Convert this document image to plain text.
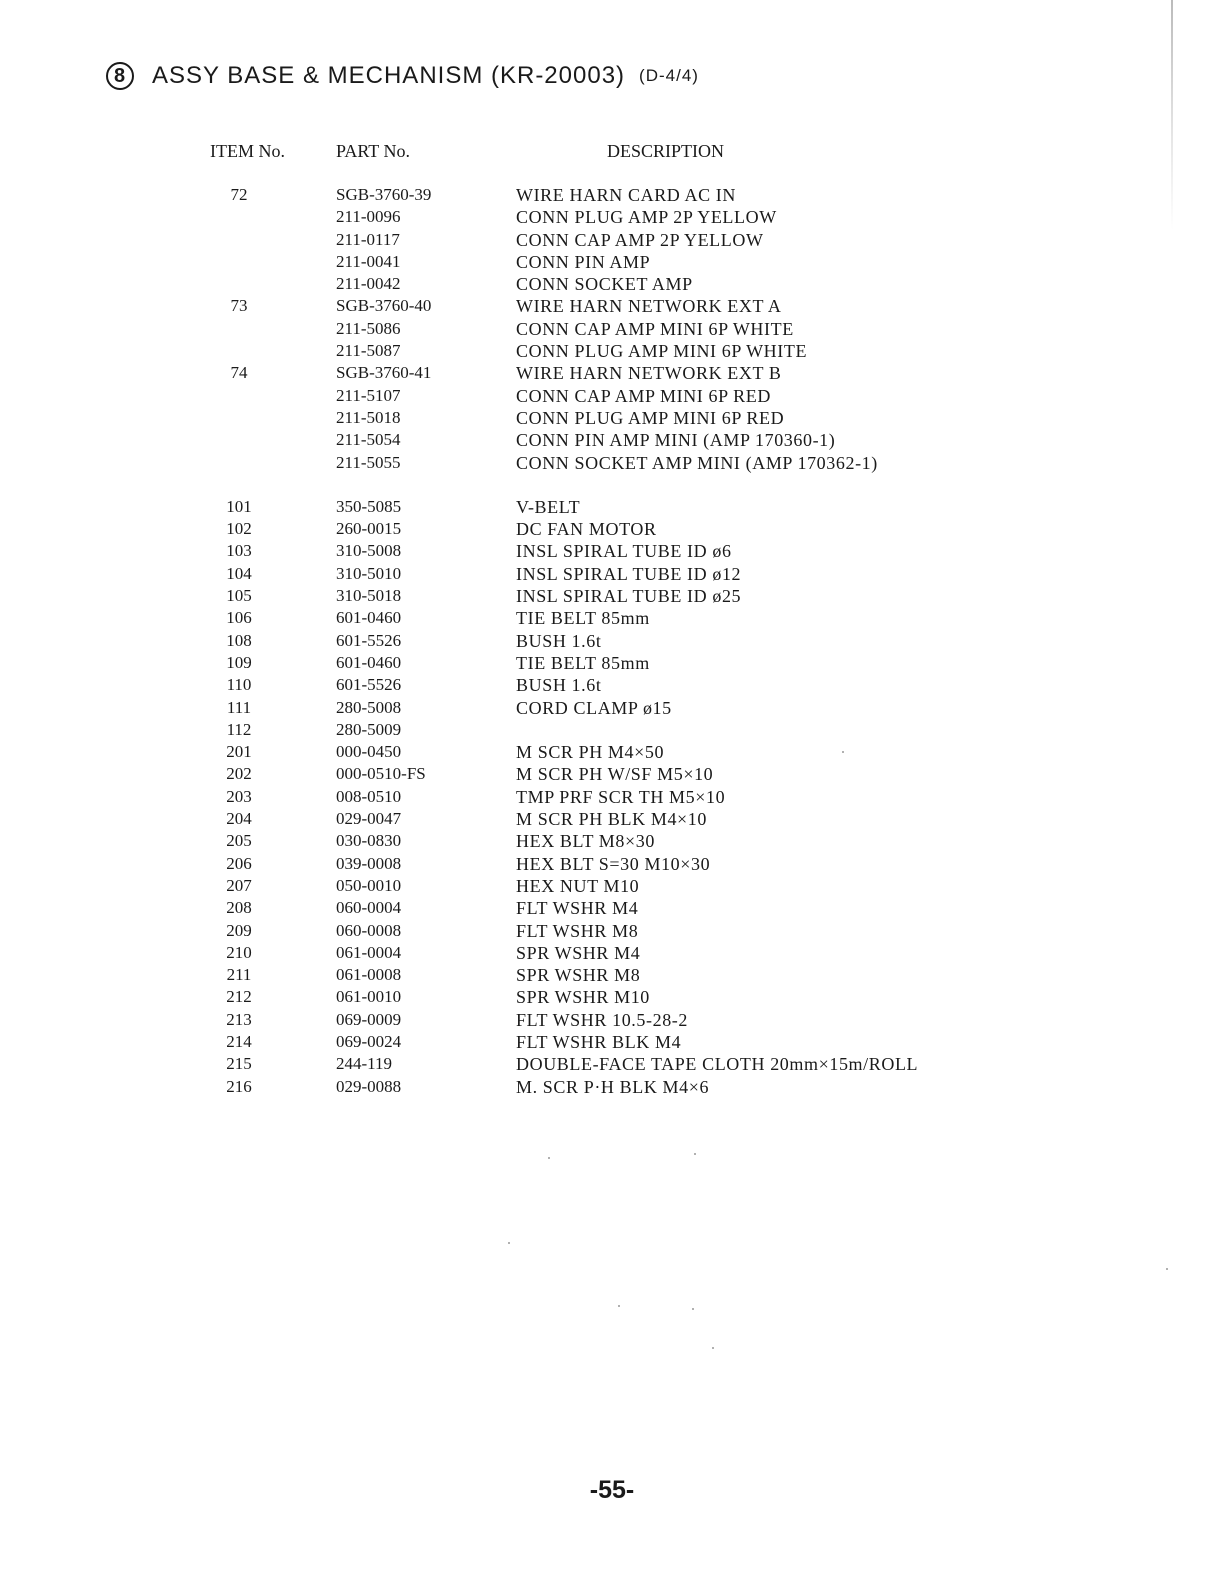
8	ASSY BASE & MECHANISM (KR-20003) (D-4/4)
ITEM No.	PART No.	DESCRIPTION
72	SGB-3760-39	WIRE HARN CARD AC IN
211-0096	CONN PLUG AMP 2P YELLOW
211-0117	CONN CAP AMP 2P YELLOW
211-0041	CONN PIN AMP
211-0042	CONN SOCKET AMP
73	SGB-3760-40	WIRE HARN NETWORK EXT A
211-5086	CONN CAP AMP MINI 6P WHITE
211-5087	CONN PLUG AMP MINI 6P WHITE
74	SGB-3760-41	WIRE HARN NETWORK EXT B
211-5107	CONN CAP AMP MINI 6P RED
211-5018	CONN PLUG AMP MINI 6P RED
211-5054	CONN PIN AMP MINI (AMP 170360-1)
211-5055	CONN SOCKET AMP MINI (AMP 170362-1)
101	350-5085	V-BELT
102	260-0015	DC FAN MOTOR
103	310-5008	INSL SPIRAL TUBE ID ø6
104	310-5010	INSL SPIRAL TUBE ID ø12
105	310-5018	INSL SPIRAL TUBE ID ø25
106	601-0460	TIE BELT 85mm
108	601-5526	BUSH 1.6t
109	601-0460	TIE BELT 85mm
110	601-5526	BUSH 1.6t
111	280-5008	CORD CLAMP ø15
112	280-5009
201	000-0450	M SCR PH M4×50
202	000-0510-FS	M SCR PH W/SF M5×10
203	008-0510	TMP PRF SCR TH M5×10
204	029-0047	M SCR PH BLK M4×10
205	030-0830	HEX BLT M8×30
206	039-0008	HEX BLT S=30 M10×30
207	050-0010	HEX NUT M10
208	060-0004	FLT WSHR M4
209	060-0008	FLT WSHR M8
210	061-0004	SPR WSHR M4
211	061-0008	SPR WSHR M8
212	061-0010	SPR WSHR M10
213	069-0009	FLT WSHR 10.5-28-2
214	069-0024	FLT WSHR BLK M4
215	244-119	DOUBLE-FACE TAPE CLOTH 20mm×15m/ROLL
216	029-0088	M. SCR P·H BLK M4×6
-55-
